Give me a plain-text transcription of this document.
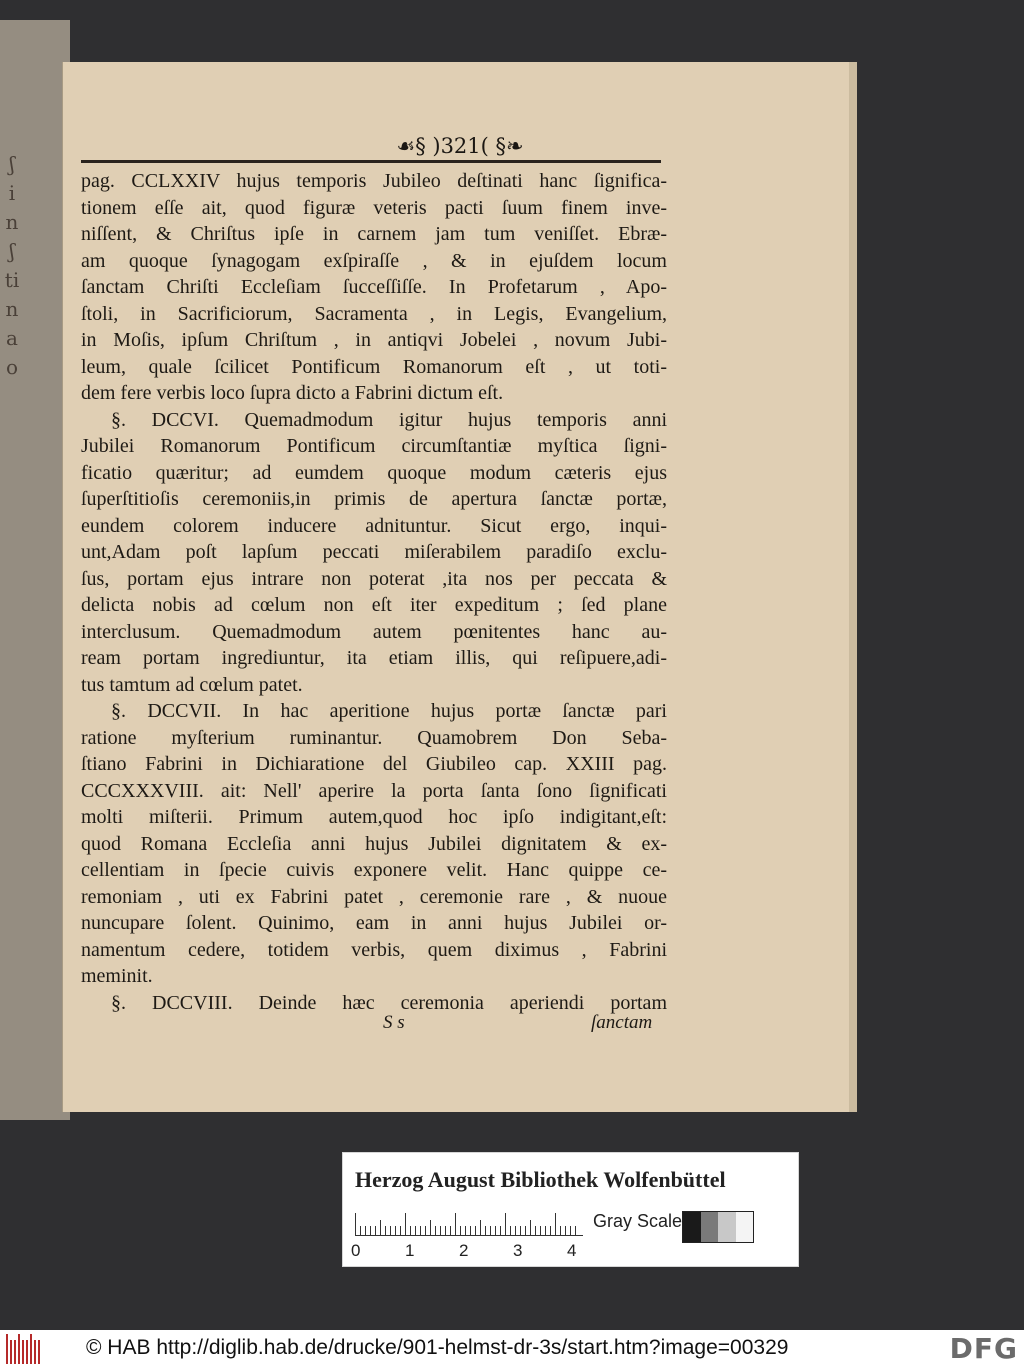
ʃ
i
n
ʃ
ti
n
a
o
☙§ )321( §❧

pag. CCLXXIV hujus temporis Jubileo deſtinati hanc ſignifica-

tionem eſſe ait, quod figuræ veteris pacti ſuum finem inve-

niſſent, & Chriſtus ipſe in carnem jam tum veniſſet. Ebræ-

am quoque ſynagogam exſpiraſſe , & in ejuſdem locum

ſanctam Chriſti Eccleſiam ſucceſſiſſe. In Profetarum , Apo-

ſtoli, in Sacrificiorum, Sacramenta , in Legis, Evangelium,

in Moſis, ipſum Chriſtum , in antiqvi Jobelei , novum Jubi-

leum, quale ſcilicet Pontificum Romanorum eſt , ut toti-

dem fere verbis loco ſupra dicto a Fabrini dictum eſt.

§. DCCVI. Quemadmodum igitur hujus temporis anni

Jubilei Romanorum Pontificum circumſtantiæ myſtica ſigni-

ficatio quæritur; ad eumdem quoque modum cæteris ejus

ſuperſtitioſis ceremoniis,in primis de apertura ſanctæ portæ,

eundem colorem inducere adnituntur. Sicut ergo, inqui-

unt,Adam poſt lapſum peccati miſerabilem paradiſo exclu-

ſus, portam ejus intrare non poterat ,ita nos per peccata &

delicta nobis ad cœlum non eſt iter expeditum ; ſed plane

interclusum. Quemadmodum autem pœnitentes hanc au-

ream portam ingrediuntur, ita etiam illis, qui reſipuere,adi-

tus tamtum ad cœlum patet.

§. DCCVII. In hac aperitione hujus portæ ſanctæ pari

ratione myſterium ruminantur. Quamobrem Don Seba-

ſtiano Fabrini in Dichiaratione del Giubileo cap. XXIII pag.

CCCXXXVIII. ait: Nell' aperire la porta ſanta ſono ſignificati

molti miſterii. Primum autem,quod hoc ipſo indigitant,eſt:

quod Romana Eccleſia anni hujus Jubilei dignitatem & ex-

cellentiam in ſpecie cuivis exponere velit. Hanc quippe ce-

remoniam , uti ex Fabrini patet , ceremonie rare , & nuoue

nuncupare ſolent. Quinimo, eam in anni hujus Jubilei or-

namentum cedere, totidem verbis, quem diximus , Fabrini

meminit.

§. DCCVIII. Deinde hæc ceremonia aperiendi portam

S s	ſanctam
Herzog August Bibliothek Wolfenbüttel
0	1	2	3	4
Gray Scale
© HAB http://diglib.hab.de/drucke/901-helmst-dr-3s/start.htm?image=00329	DFG
